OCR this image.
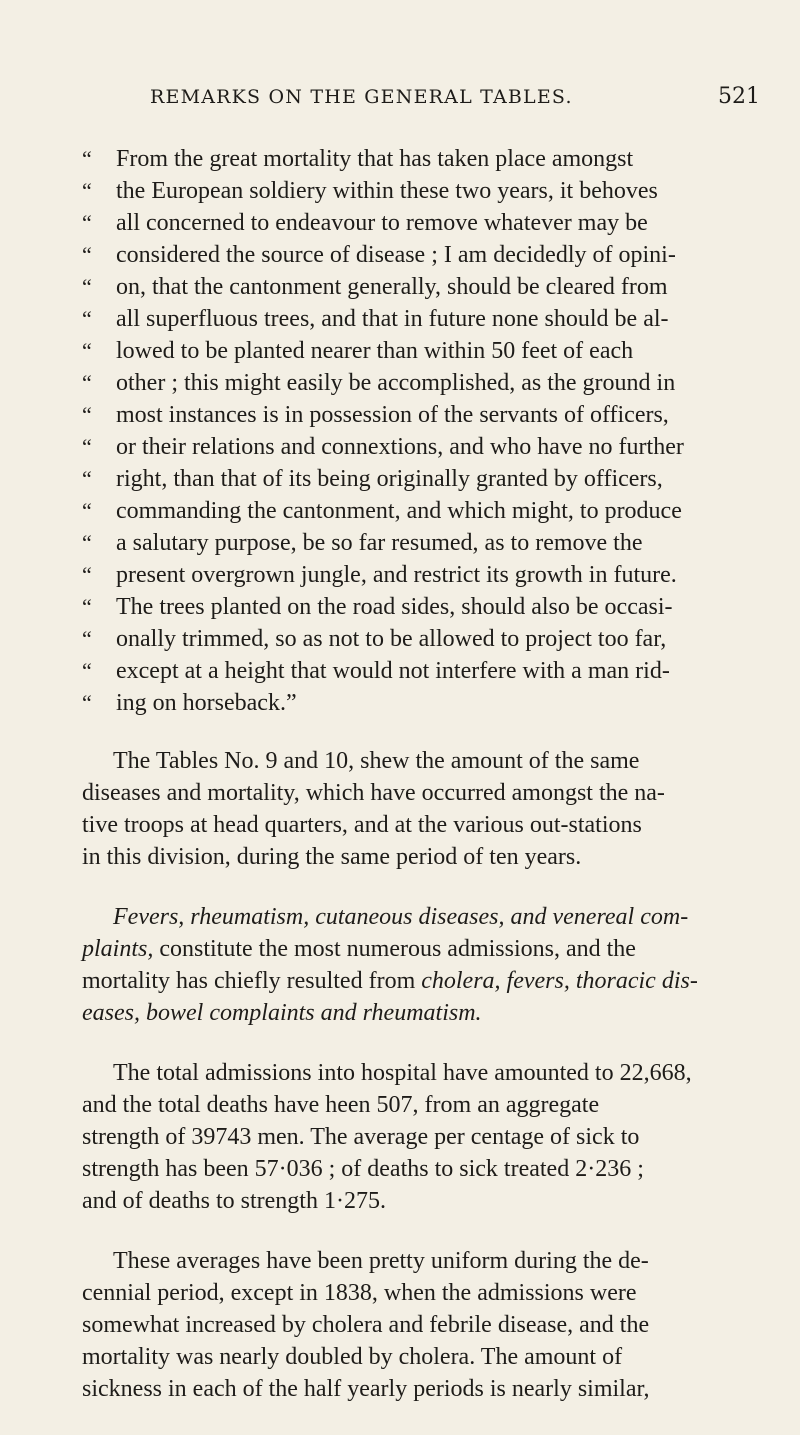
REMARKS ON THE GENERAL TABLES.	521
“ From the great mortality that has taken place amongst
“ the European soldiery within these two years, it behoves
“ all concerned to endeavour to remove whatever may be
“ considered the source of disease ; I am decidedly of opini-
“ on, that the cantonment generally, should be cleared from
“ all superfluous trees, and that in future none should be al-
“ lowed to be planted nearer than within 50 feet of each
“ other ; this might easily be accomplished, as the ground in
“ most instances is in possession of the servants of officers,
“ or their relations and connextions, and who have no further
“ right, than that of its being originally granted by officers,
“ commanding the cantonment, and which might, to produce
“ a salutary purpose, be so far resumed, as to remove the
“ present overgrown jungle, and restrict its growth in future.
“ The trees planted on the road sides, should also be occasi-
“ onally trimmed, so as not to be allowed to project too far,
“ except at a height that would not interfere with a man rid-
“ ing on horseback.”
The Tables No. 9 and 10, shew the amount of the same
diseases and mortality, which have occurred amongst the na-
tive troops at head quarters, and at the various out-stations
in this division, during the same period of ten years.
Fevers, rheumatism, cutaneous diseases, and venereal com-
plaints, constitute the most numerous admissions, and the
mortality has chiefly resulted from cholera, fevers, thoracic dis-
eases, bowel complaints and rheumatism.
The total admissions into hospital have amounted to 22,668,
and the total deaths have heen 507, from an aggregate
strength of 39743 men. The average per centage of sick to
strength has been 57·036 ; of deaths to sick treated 2·236 ;
and of deaths to strength 1·275.
These averages have been pretty uniform during the de-
cennial period, except in 1838, when the admissions were
somewhat increased by cholera and febrile disease, and the
mortality was nearly doubled by cholera. The amount of
sickness in each of the half yearly periods is nearly similar,
